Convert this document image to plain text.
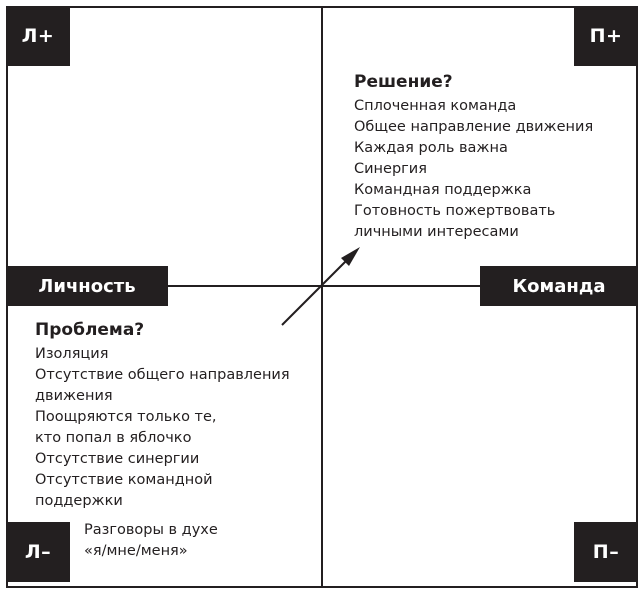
Л+	П+
Л–	П–
Личность	Команда
Решение?
Сплоченная команда
Общее направление движения
Каждая роль важна
Синергия
Командная поддержка
Готовность пожертвовать
личными интересами
Проблема?
Изоляция
Отсутствие общего направления
движения
Поощряются только те,
кто попал в яблочко
Отсутствие синергии
Отсутствие командной
поддержки
Разговоры в духе
«я/мне/меня»
